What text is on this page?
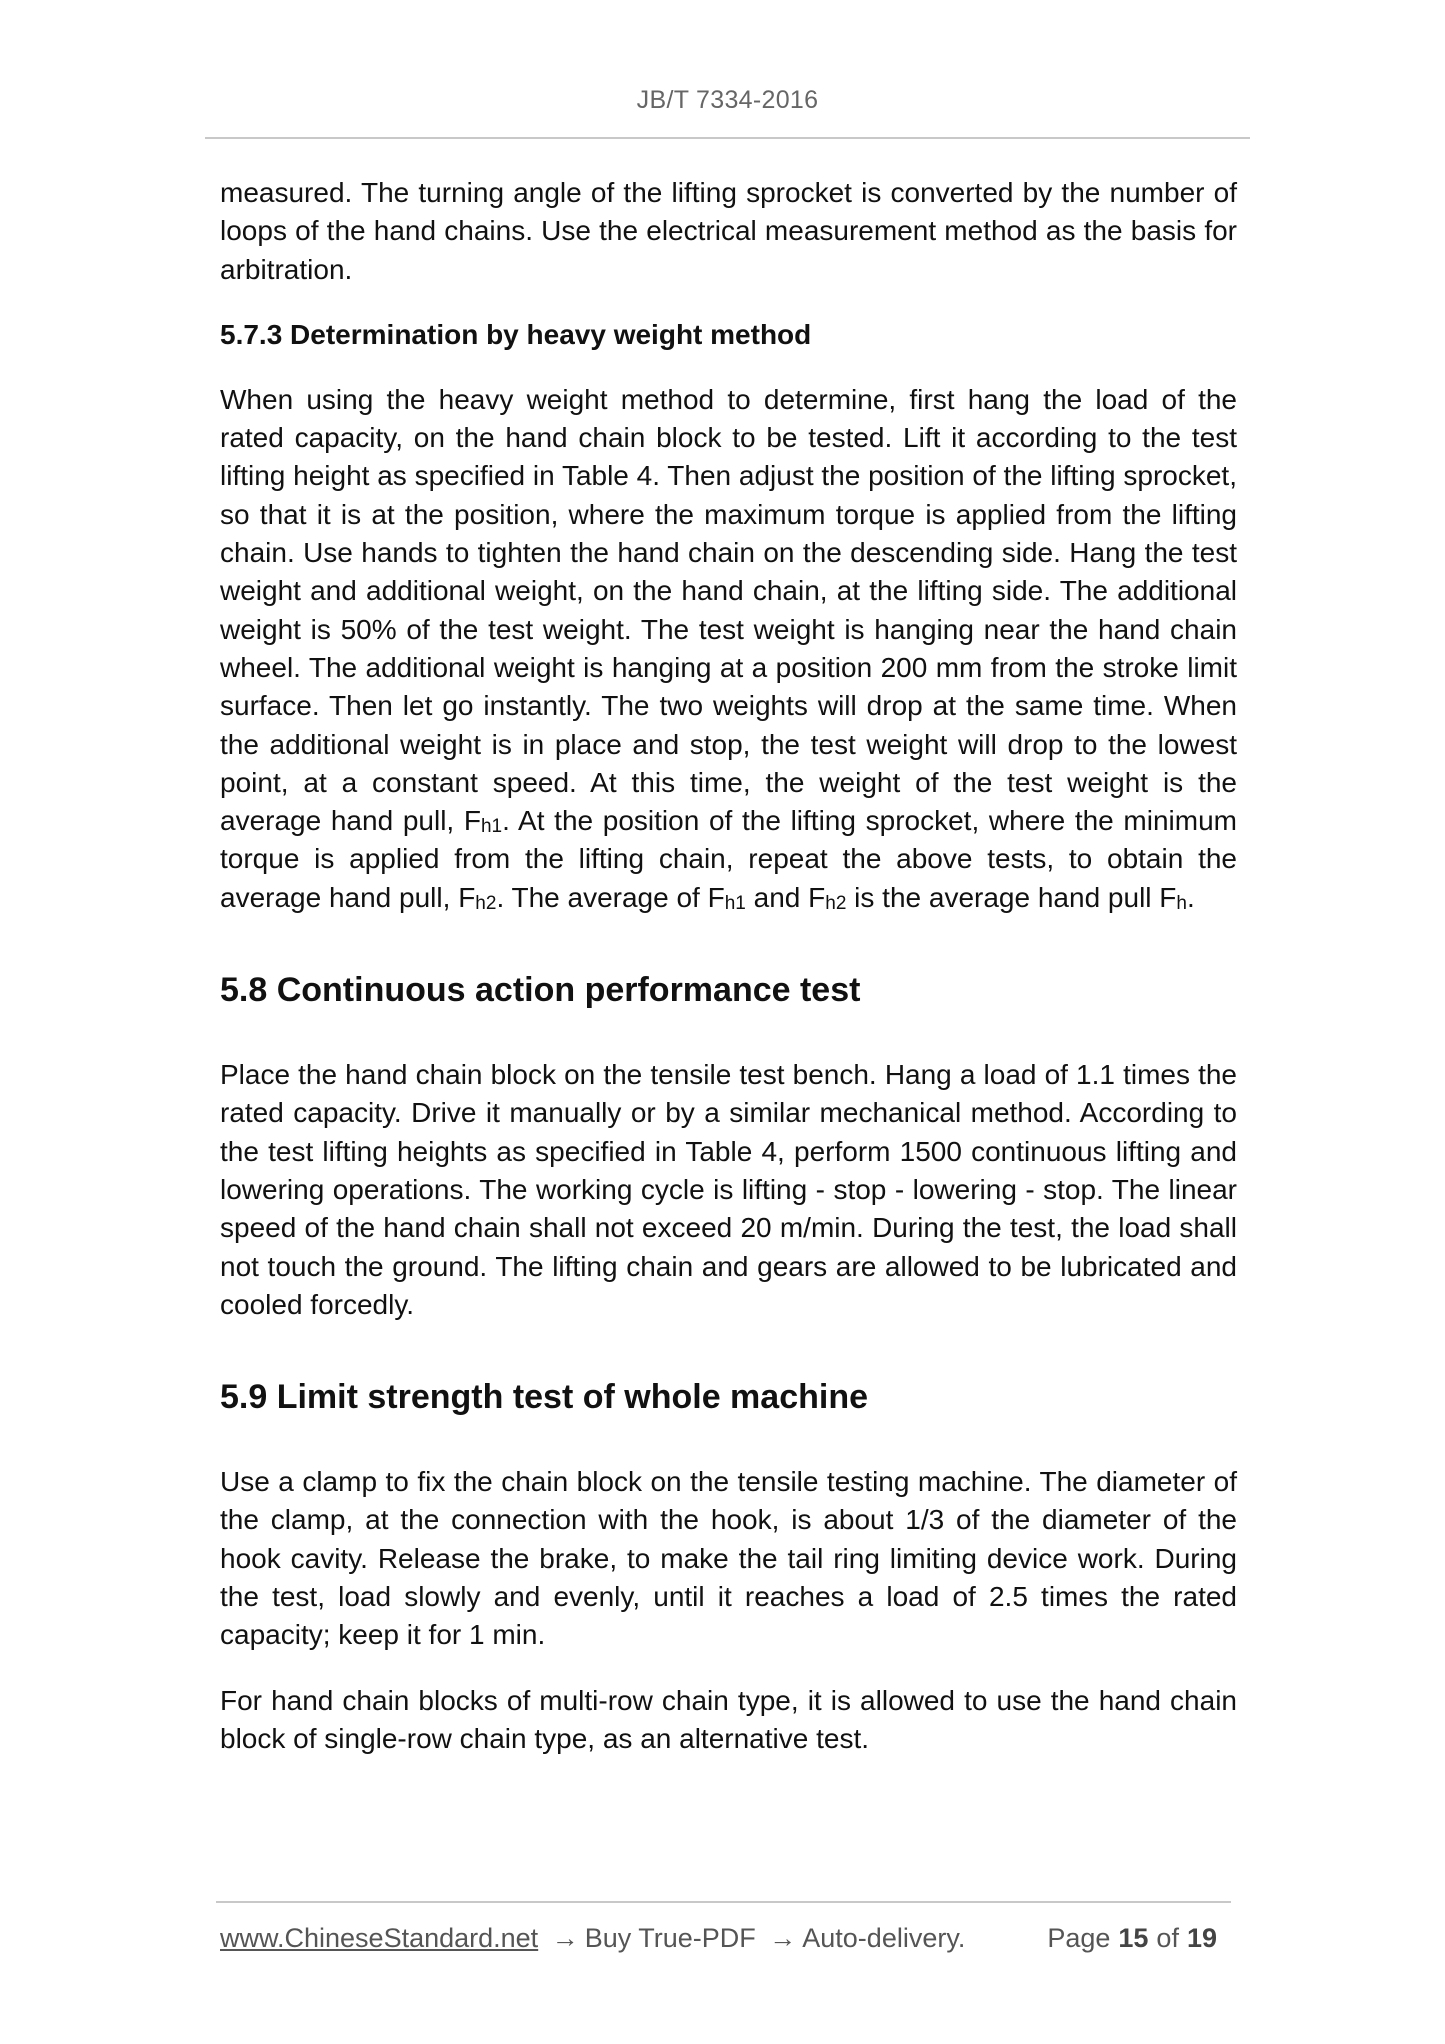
JB/T 7334-2016

measured. The turning angle of the lifting sprocket is converted by the number of loops of the hand chains. Use the electrical measurement method as the basis for arbitration.

5.7.3 Determination by heavy weight method

When using the heavy weight method to determine, first hang the load of the rated capacity, on the hand chain block to be tested. Lift it according to the test lifting height as specified in Table 4. Then adjust the position of the lifting sprocket, so that it is at the position, where the maximum torque is applied from the lifting chain. Use hands to tighten the hand chain on the descending side. Hang the test weight and additional weight, on the hand chain, at the lifting side. The additional weight is 50% of the test weight. The test weight is hanging near the hand chain wheel. The additional weight is hanging at a position 200 mm from the stroke limit surface. Then let go instantly. The two weights will drop at the same time. When the additional weight is in place and stop, the test weight will drop to the lowest point, at a constant speed. At this time, the weight of the test weight is the average hand pull, $F_{h1}$. At the position of the lifting sprocket, where the minimum torque is applied from the lifting chain, repeat the above tests, to obtain the average hand pull, $F_{h2}$. The average of $F_{h1}$ and $F_{h2}$ is the average hand pull $F_h$.

5.8 Continuous action performance test

Place the hand chain block on the tensile test bench. Hang a load of 1.1 times the rated capacity. Drive it manually or by a similar mechanical method. According to the test lifting heights as specified in Table 4, perform 1500 continuous lifting and lowering operations. The working cycle is lifting - stop - lowering - stop. The linear speed of the hand chain shall not exceed 20 m/min. During the test, the load shall not touch the ground. The lifting chain and gears are allowed to be lubricated and cooled forcedly.

5.9 Limit strength test of whole machine

Use a clamp to fix the chain block on the tensile testing machine. The diameter of the clamp, at the connection with the hook, is about 1/3 of the diameter of the hook cavity. Release the brake, to make the tail ring limiting device work. During the test, load slowly and evenly, until it reaches a load of 2.5 times the rated capacity; keep it for 1 min.

For hand chain blocks of multi-row chain type, it is allowed to use the hand chain block of single-row chain type, as an alternative test.

www.ChineseStandard.net → Buy True-PDF → Auto-delivery.	Page 15 of 19
